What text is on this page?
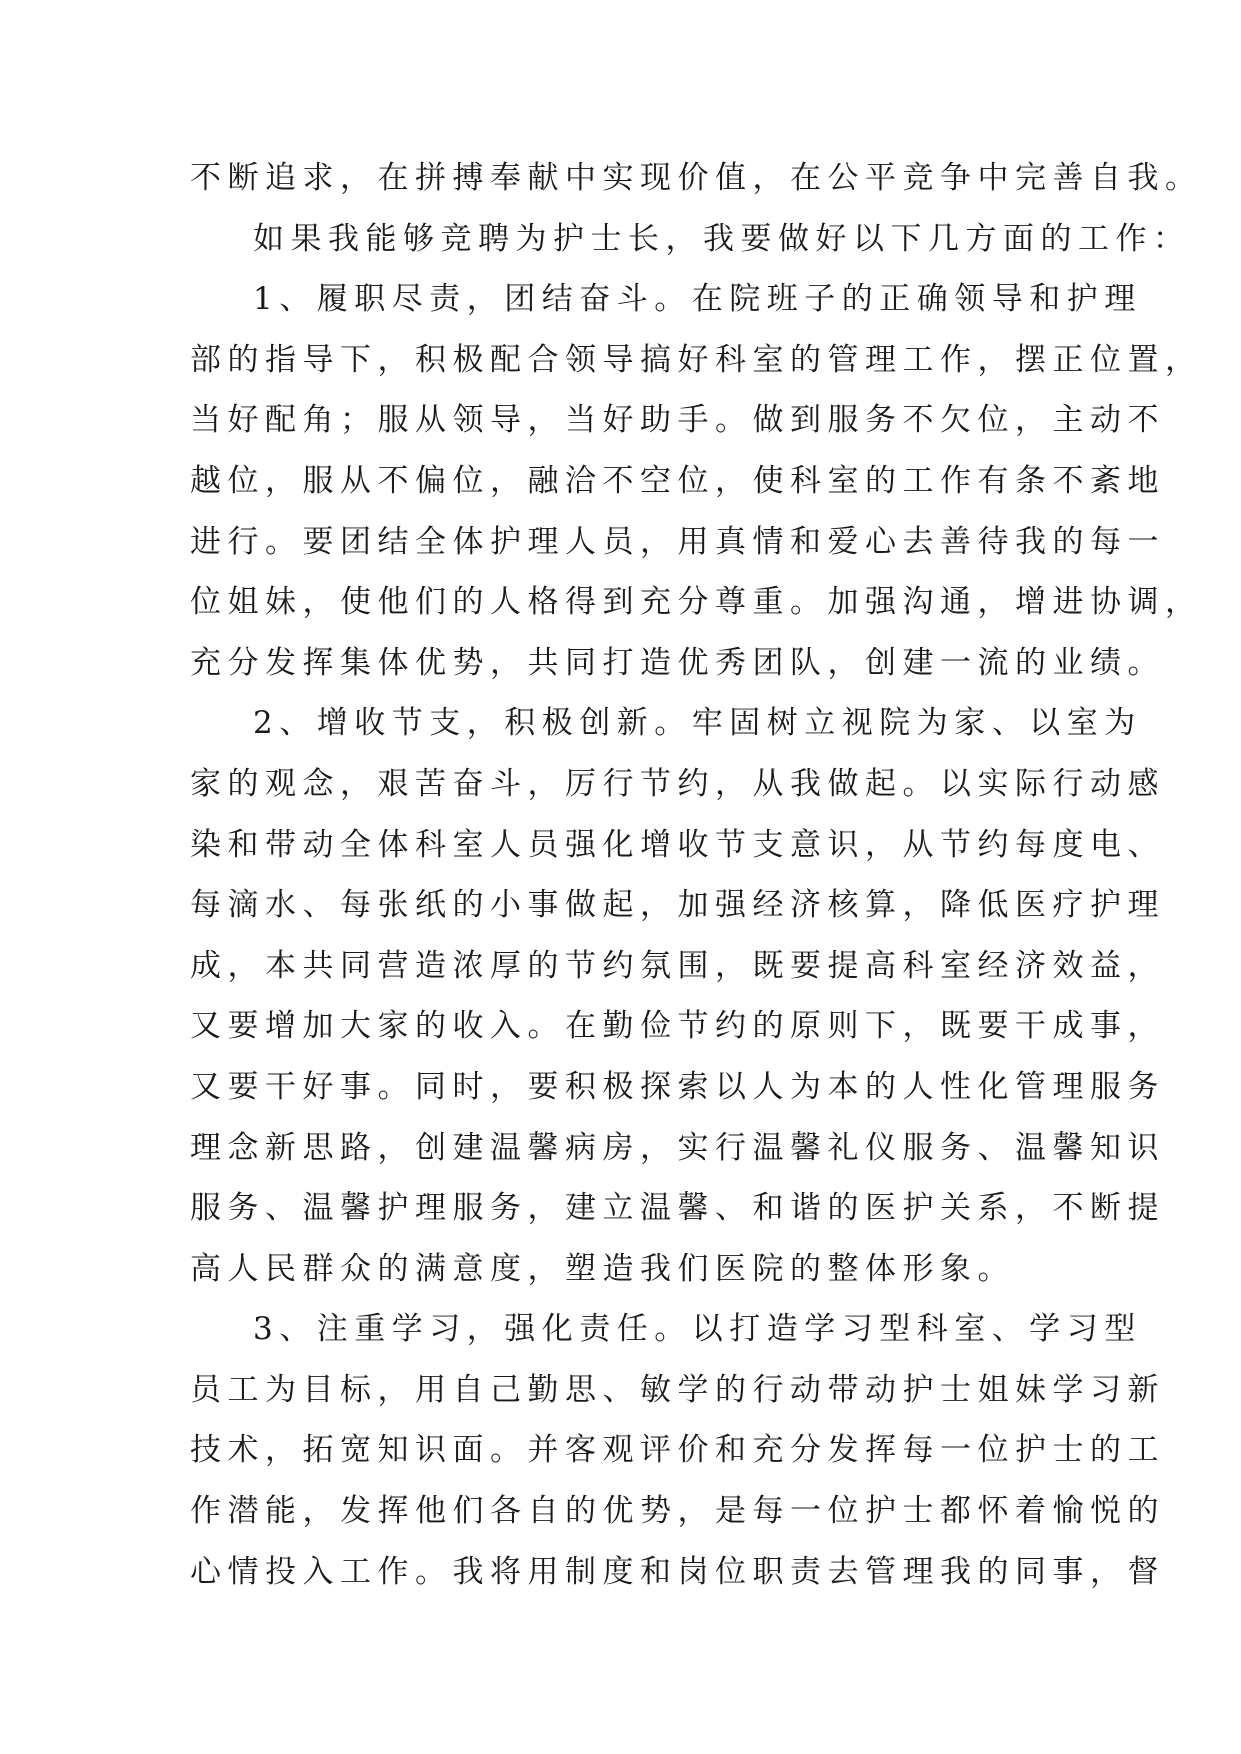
不断追求，在拼搏奉献中实现价值，在公平竞争中完善自我。
如果我能够竞聘为护士长，我要做好以下几方面的工作：
1、履职尽责，团结奋斗。在院班子的正确领导和护理
部的指导下，积极配合领导搞好科室的管理工作，摆正位置，
当好配角；服从领导，当好助手。做到服务不欠位，主动不
越位，服从不偏位，融洽不空位，使科室的工作有条不紊地
进行。要团结全体护理人员，用真情和爱心去善待我的每一
位姐妹，使他们的人格得到充分尊重。加强沟通，增进协调，
充分发挥集体优势，共同打造优秀团队，创建一流的业绩。
2、增收节支，积极创新。牢固树立视院为家、以室为
家的观念，艰苦奋斗，厉行节约，从我做起。以实际行动感
染和带动全体科室人员强化增收节支意识，从节约每度电、
每滴水、每张纸的小事做起，加强经济核算，降低医疗护理
成，本共同营造浓厚的节约氛围，既要提高科室经济效益，
又要增加大家的收入。在勤俭节约的原则下，既要干成事，
又要干好事。同时，要积极探索以人为本的人性化管理服务
理念新思路，创建温馨病房，实行温馨礼仪服务、温馨知识
服务、温馨护理服务，建立温馨、和谐的医护关系，不断提
高人民群众的满意度，塑造我们医院的整体形象。
3、注重学习，强化责任。以打造学习型科室、学习型
员工为目标，用自己勤思、敏学的行动带动护士姐妹学习新
技术，拓宽知识面。并客观评价和充分发挥每一位护士的工
作潜能，发挥他们各自的优势，是每一位护士都怀着愉悦的
心情投入工作。我将用制度和岗位职责去管理我的同事，督
